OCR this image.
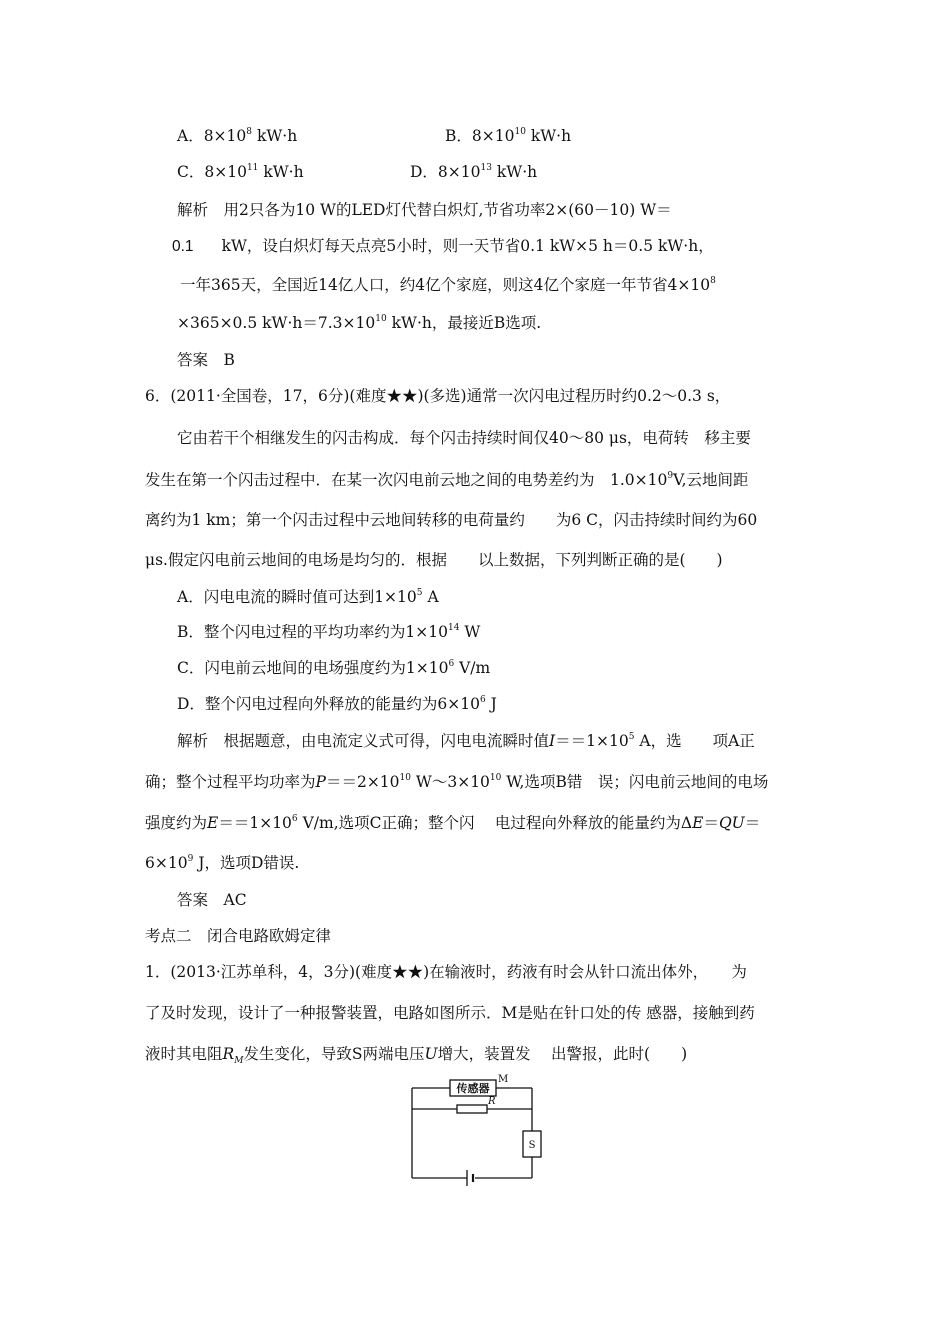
A．$8\times 10^8$ kW·h	B．$8\times 10^{10}$ kW·h
C．$8\times 10^{11}$ kW·h	D．$8\times 10^{13}$ kW·h
解析　用2只各为10 W的LED灯代替白炽灯,节省功率2×(60－10) W＝
0.1 kW，设白炽灯每天点亮5小时，则一天节省0.1 kW×5 h＝0.5 kW·h，
一年365天，全国近14亿人口，约4亿个家庭，则这4亿个家庭一年节省$4\times 10^8$
×365×0.5 $kW\cdot h=7.3\times 10^{10}$ kW·h，最接近B选项.
答案　B
6．(2011·全国卷，17，6分)(难度★★)(多选)通常一次闪电过程历时约0.2～0.3 s，
它由若干个相继发生的闪击构成．每个闪击持续时间仅40～80 μs，电荷转　移主要
发生在第一个闪击过程中．在某一次闪电前云地之间的电势差约为　$1.0\times 10^9V$,云地间距
离约为1 km；第一个闪击过程中云地间转移的电荷量约　　为6 C，闪击持续时间约为60
μs.假定闪电前云地间的电场是均匀的．根据　　以上数据，下列判断正确的是(　　)
A．闪电电流的瞬时值可达到$1\times 10^5$ A
B．整个闪电过程的平均功率约为$1\times 10^{14}$ W
C．闪电前云地间的电场强度约为$1\times 10^6$ V/m
D．整个闪电过程向外释放的能量约为$6\times 10^6$ J
解析　根据题意，由电流定义式可得，闪电电流瞬时值$I==1\times 10^5$ A，选　　项A正
确；整个过程平均功率为$P==2\times 10^{10}$ $W\sim 3\times 10^{10}$ W,选项B错　误；闪电前云地间的电场
强度约为$E==1\times 10^6$ V/m,选项C正确；整个闪　 电过程向外释放的能量约为ΔE＝QU＝
$6\times 10^9$ J，选项D错误.
答案　AC
考点二　闭合电路欧姆定律
1．(2013·江苏单科，4，3分)(难度★★)在输液时，药液有时会从针口流出体外，　　为
了及时发现，设计了一种报警装置，电路如图所示．M是贴在针口处的传 感器，接触到药
液时其电阻$R_M$发生变化，导致S两端电压U增大，装置发　 出警报，此时(　　)
传感器
M
R
S
